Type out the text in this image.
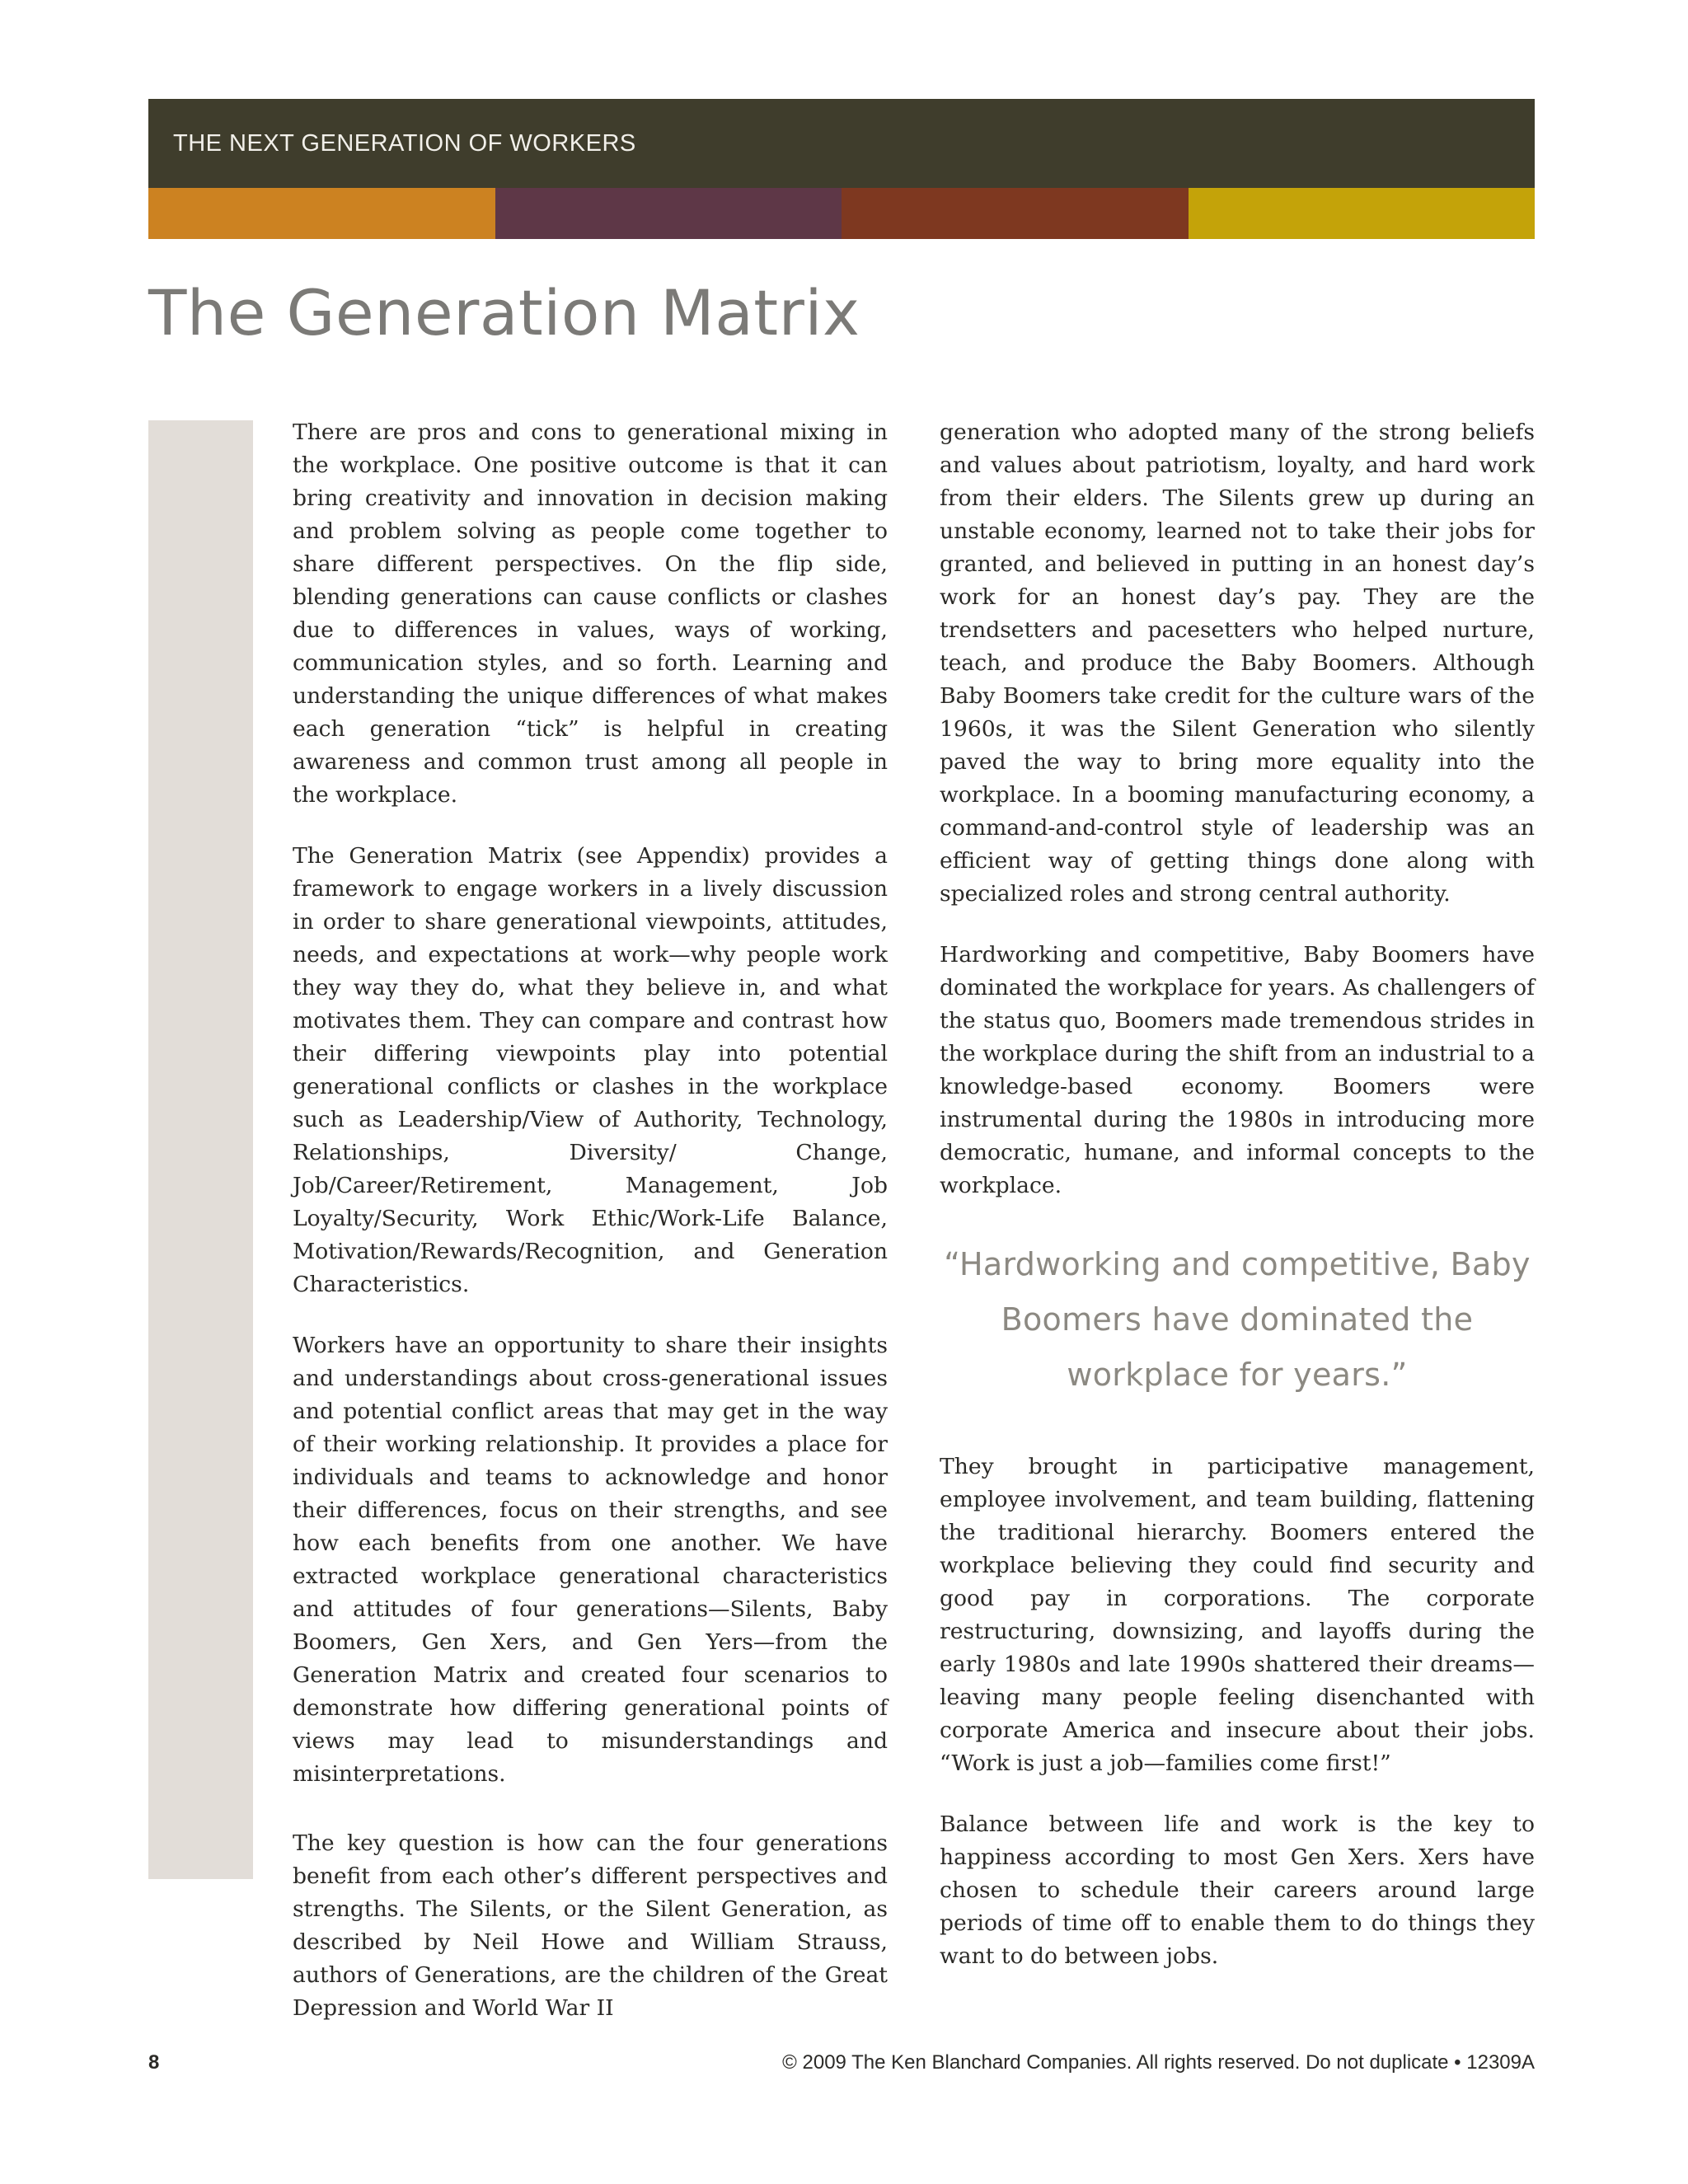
THE NEXT GENERATION OF WORKERS
The Generation Matrix

There are pros and cons to generational mixing in the workplace. One positive outcome is that it can bring creativity and innovation in decision making and problem solving as people come together to share different perspectives. On the flip side, blending generations can cause conflicts or clashes due to differences in values, ways of working, communication styles, and so forth. Learning and understanding the unique differences of what makes each generation “tick” is helpful in creating awareness and common trust among all people in the workplace.

The Generation Matrix (see Appendix) provides a framework to engage workers in a lively discussion in order to share generational viewpoints, attitudes, needs, and expectations at work—why people work they way they do, what they believe in, and what motivates them. They can compare and contrast how their differing viewpoints play into potential generational conflicts or clashes in the workplace such as Leadership/View of Authority, Technology, Relationships, Diversity/ Change, Job/Career/Retirement, Management, Job Loyalty/Security, Work Ethic/Work-Life Balance, Motivation/Rewards/Recognition, and Generation Characteristics.

Workers have an opportunity to share their insights and understandings about cross-generational issues and potential conflict areas that may get in the way of their working relationship. It provides a place for individuals and teams to acknowledge and honor their differences, focus on their strengths, and see how each benefits from one another. We have extracted workplace generational characteristics and attitudes of four generations—Silents, Baby Boomers, Gen Xers, and Gen Yers—from the Generation Matrix and created four scenarios to demonstrate how differing generational points of views may lead to misunderstandings and misinterpretations.

The key question is how can the four generations benefit from each other’s different perspectives and strengths. The Silents, or the Silent Generation, as described by Neil Howe and William Strauss, authors of Generations, are the children of the Great Depression and World War II

generation who adopted many of the strong beliefs and values about patriotism, loyalty, and hard work from their elders. The Silents grew up during an unstable economy, learned not to take their jobs for granted, and believed in putting in an honest day’s work for an honest day’s pay. They are the trendsetters and pacesetters who helped nurture, teach, and produce the Baby Boomers. Although Baby Boomers take credit for the culture wars of the 1960s, it was the Silent Generation who silently paved the way to bring more equality into the workplace. In a booming manufacturing economy, a command-and-control style of leadership was an efficient way of getting things done along with specialized roles and strong central authority.

Hardworking and competitive, Baby Boomers have dominated the workplace for years. As challengers of the status quo, Boomers made tremendous strides in the workplace during the shift from an industrial to a knowledge-based economy. Boomers were instrumental during the 1980s in introducing more democratic, humane, and informal concepts to the workplace.

“Hardworking and competitive, Baby Boomers have dominated the workplace for years.”

They brought in participative management, employee involvement, and team building, flattening the traditional hierarchy. Boomers entered the workplace believing they could find security and good pay in corporations. The corporate restructuring, downsizing, and layoffs during the early 1980s and late 1990s shattered their dreams—leaving many people feeling disenchanted with corporate America and insecure about their jobs. “Work is just a job—families come first!”

Balance between life and work is the key to happiness according to most Gen Xers. Xers have chosen to schedule their careers around large periods of time off to enable them to do things they want to do between jobs.

8	© 2009 The Ken Blanchard Companies. All rights reserved. Do not duplicate • 12309A
